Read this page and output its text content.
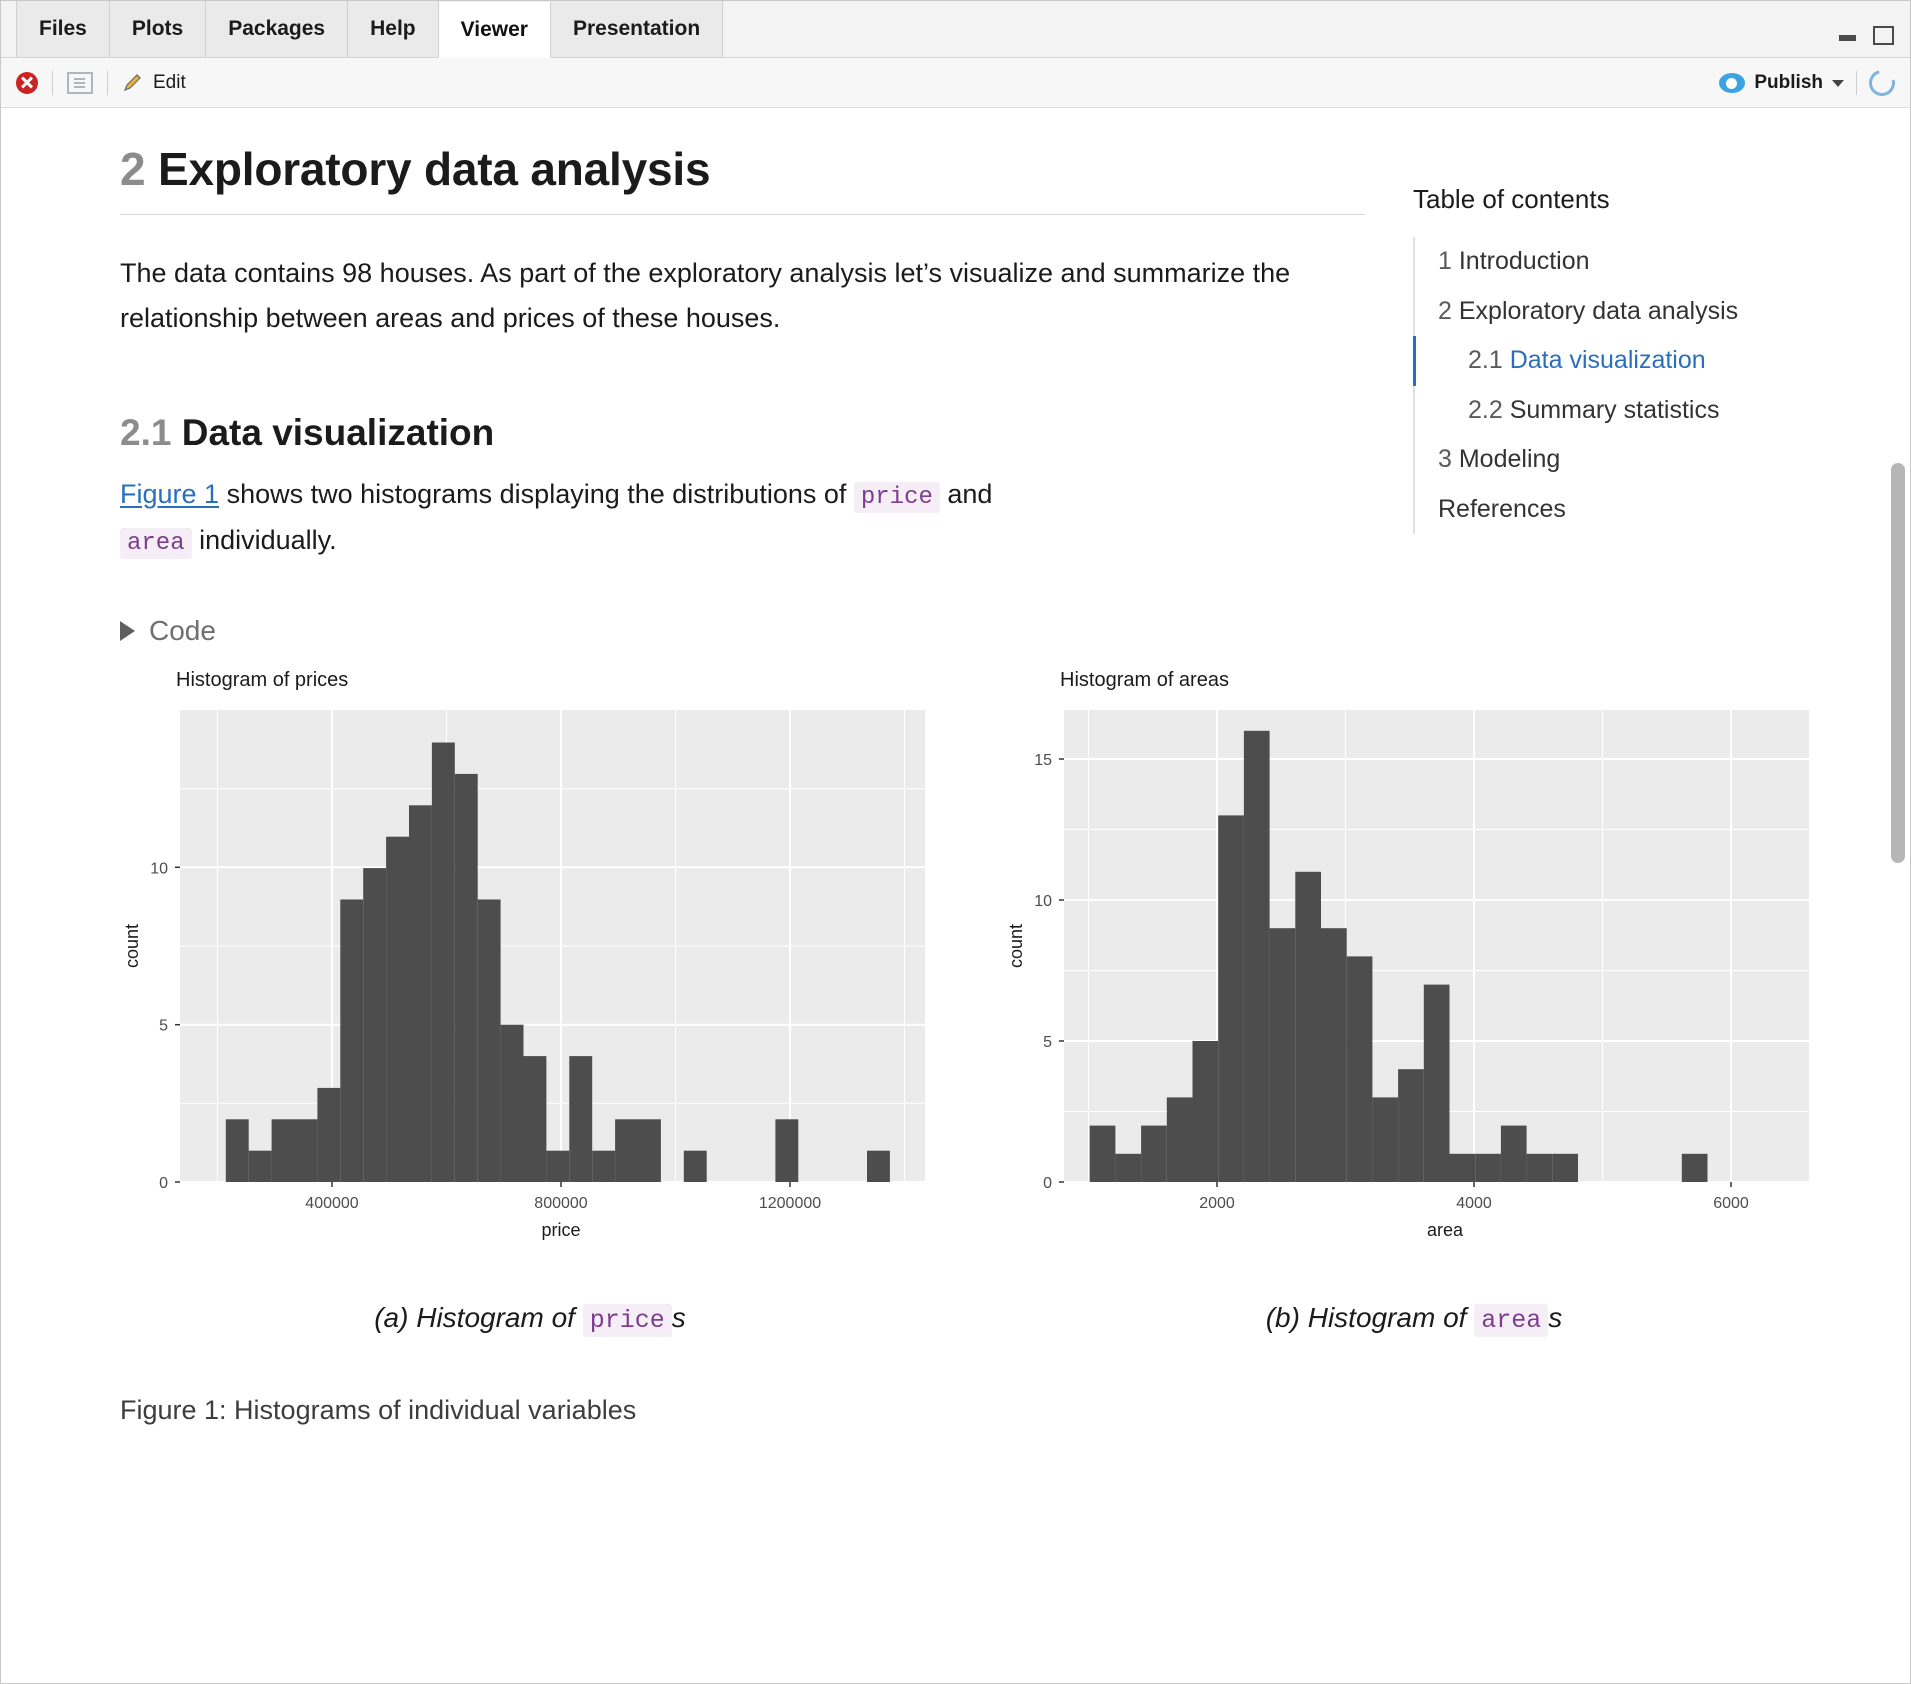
Files Plots Packages Help Viewer Presentation
Edit	Publish
2 Exploratory data analysis

The data contains 98 houses. As part of the exploratory analysis let’s visualize and summarize the relationship between areas and prices of these houses.

2.1 Data visualization

Figure 1 shows two histograms displaying the distributions of price and
area individually.

Code
Histogram of prices
0
5
10
400000	800000	1200000
price
count
(a) Histogram of price s
Histogram of areas
0
5
10
15
2000	4000	6000
area
count
(b) Histogram of area s

Figure 1: Histograms of individual variables

Table of contents
1 Introduction
2 Exploratory data analysis
2.1 Data visualization
2.2 Summary statistics
3 Modeling
References
